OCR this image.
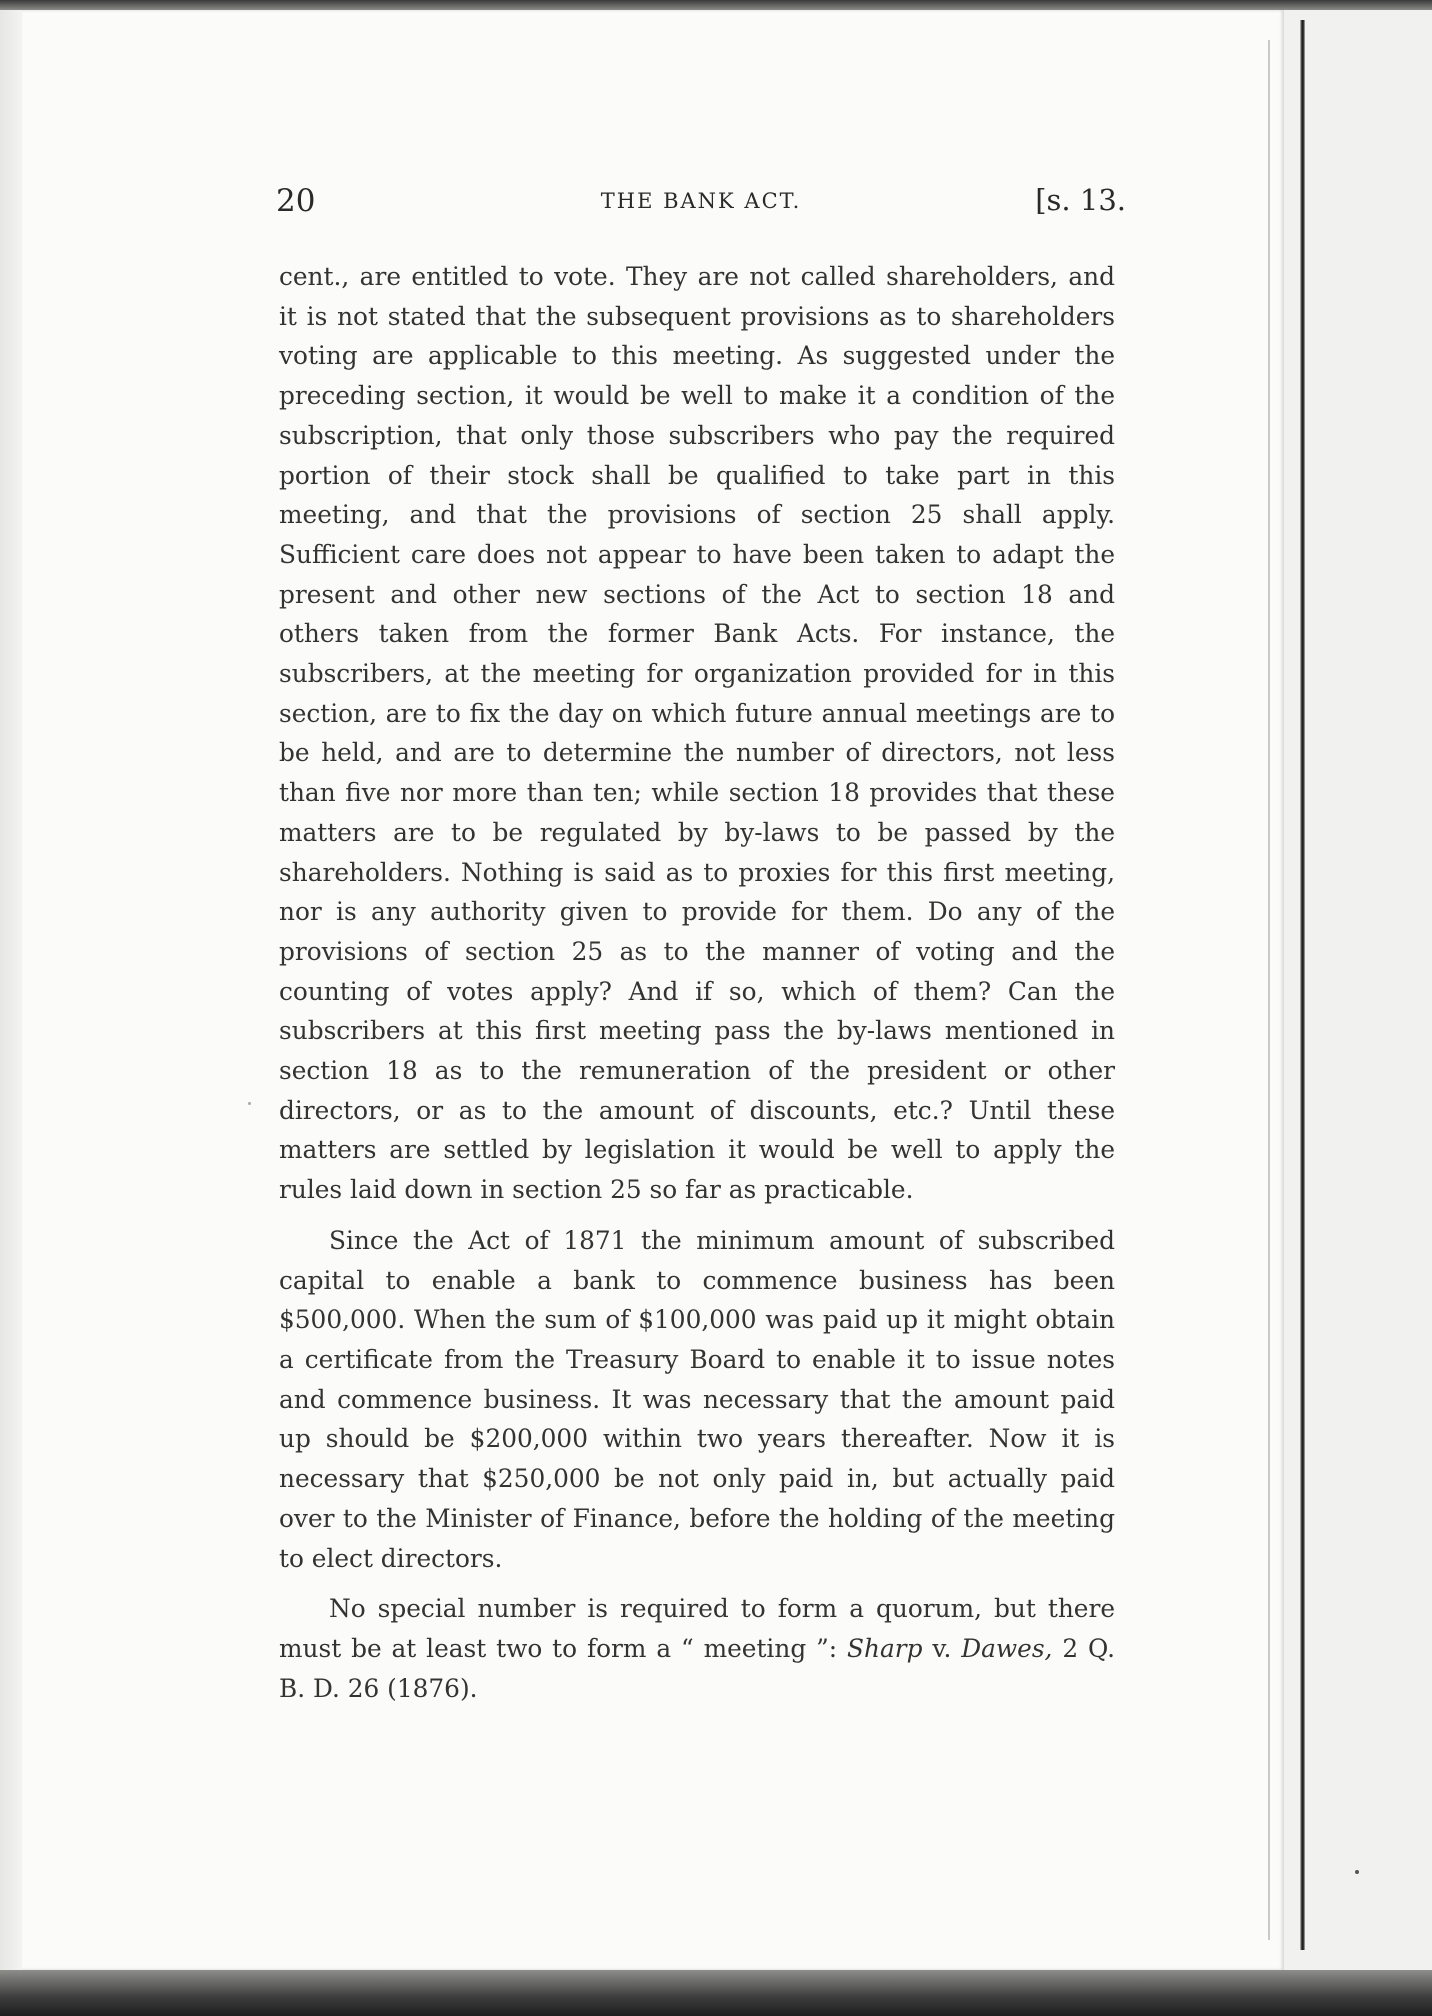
20	THE BANK ACT.	[s. 13.

cent., are entitled to vote. They are not called shareholders, and it is not stated that the subsequent provisions as to shareholders voting are applicable to this meeting. As suggested under the preceding section, it would be well to make it a condition of the subscription, that only those subscribers who pay the required portion of their stock shall be qualified to take part in this meeting, and that the provisions of section 25 shall apply. Sufficient care does not appear to have been taken to adapt the present and other new sections of the Act to section 18 and others taken from the former Bank Acts. For instance, the subscribers, at the meeting for organization provided for in this section, are to fix the day on which future annual meetings are to be held, and are to determine the number of directors, not less than five nor more than ten; while section 18 provides that these matters are to be regulated by by-laws to be passed by the shareholders. Nothing is said as to proxies for this first meeting, nor is any authority given to provide for them. Do any of the provisions of section 25 as to the manner of voting and the counting of votes apply? And if so, which of them? Can the subscribers at this first meeting pass the by-laws mentioned in section 18 as to the remuneration of the president or other directors, or as to the amount of discounts, etc.? Until these matters are settled by legislation it would be well to apply the rules laid down in section 25 so far as practicable.

Since the Act of 1871 the minimum amount of subscribed capital to enable a bank to commence business has been $500,000. When the sum of $100,000 was paid up it might obtain a certificate from the Treasury Board to enable it to issue notes and commence business. It was necessary that the amount paid up should be $200,000 within two years thereafter. Now it is necessary that $250,000 be not only paid in, but actually paid over to the Minister of Finance, before the holding of the meeting to elect directors.

No special number is required to form a quorum, but there must be at least two to form a “ meeting ”: Sharp v. Dawes, 2 Q. B. D. 26 (1876).
